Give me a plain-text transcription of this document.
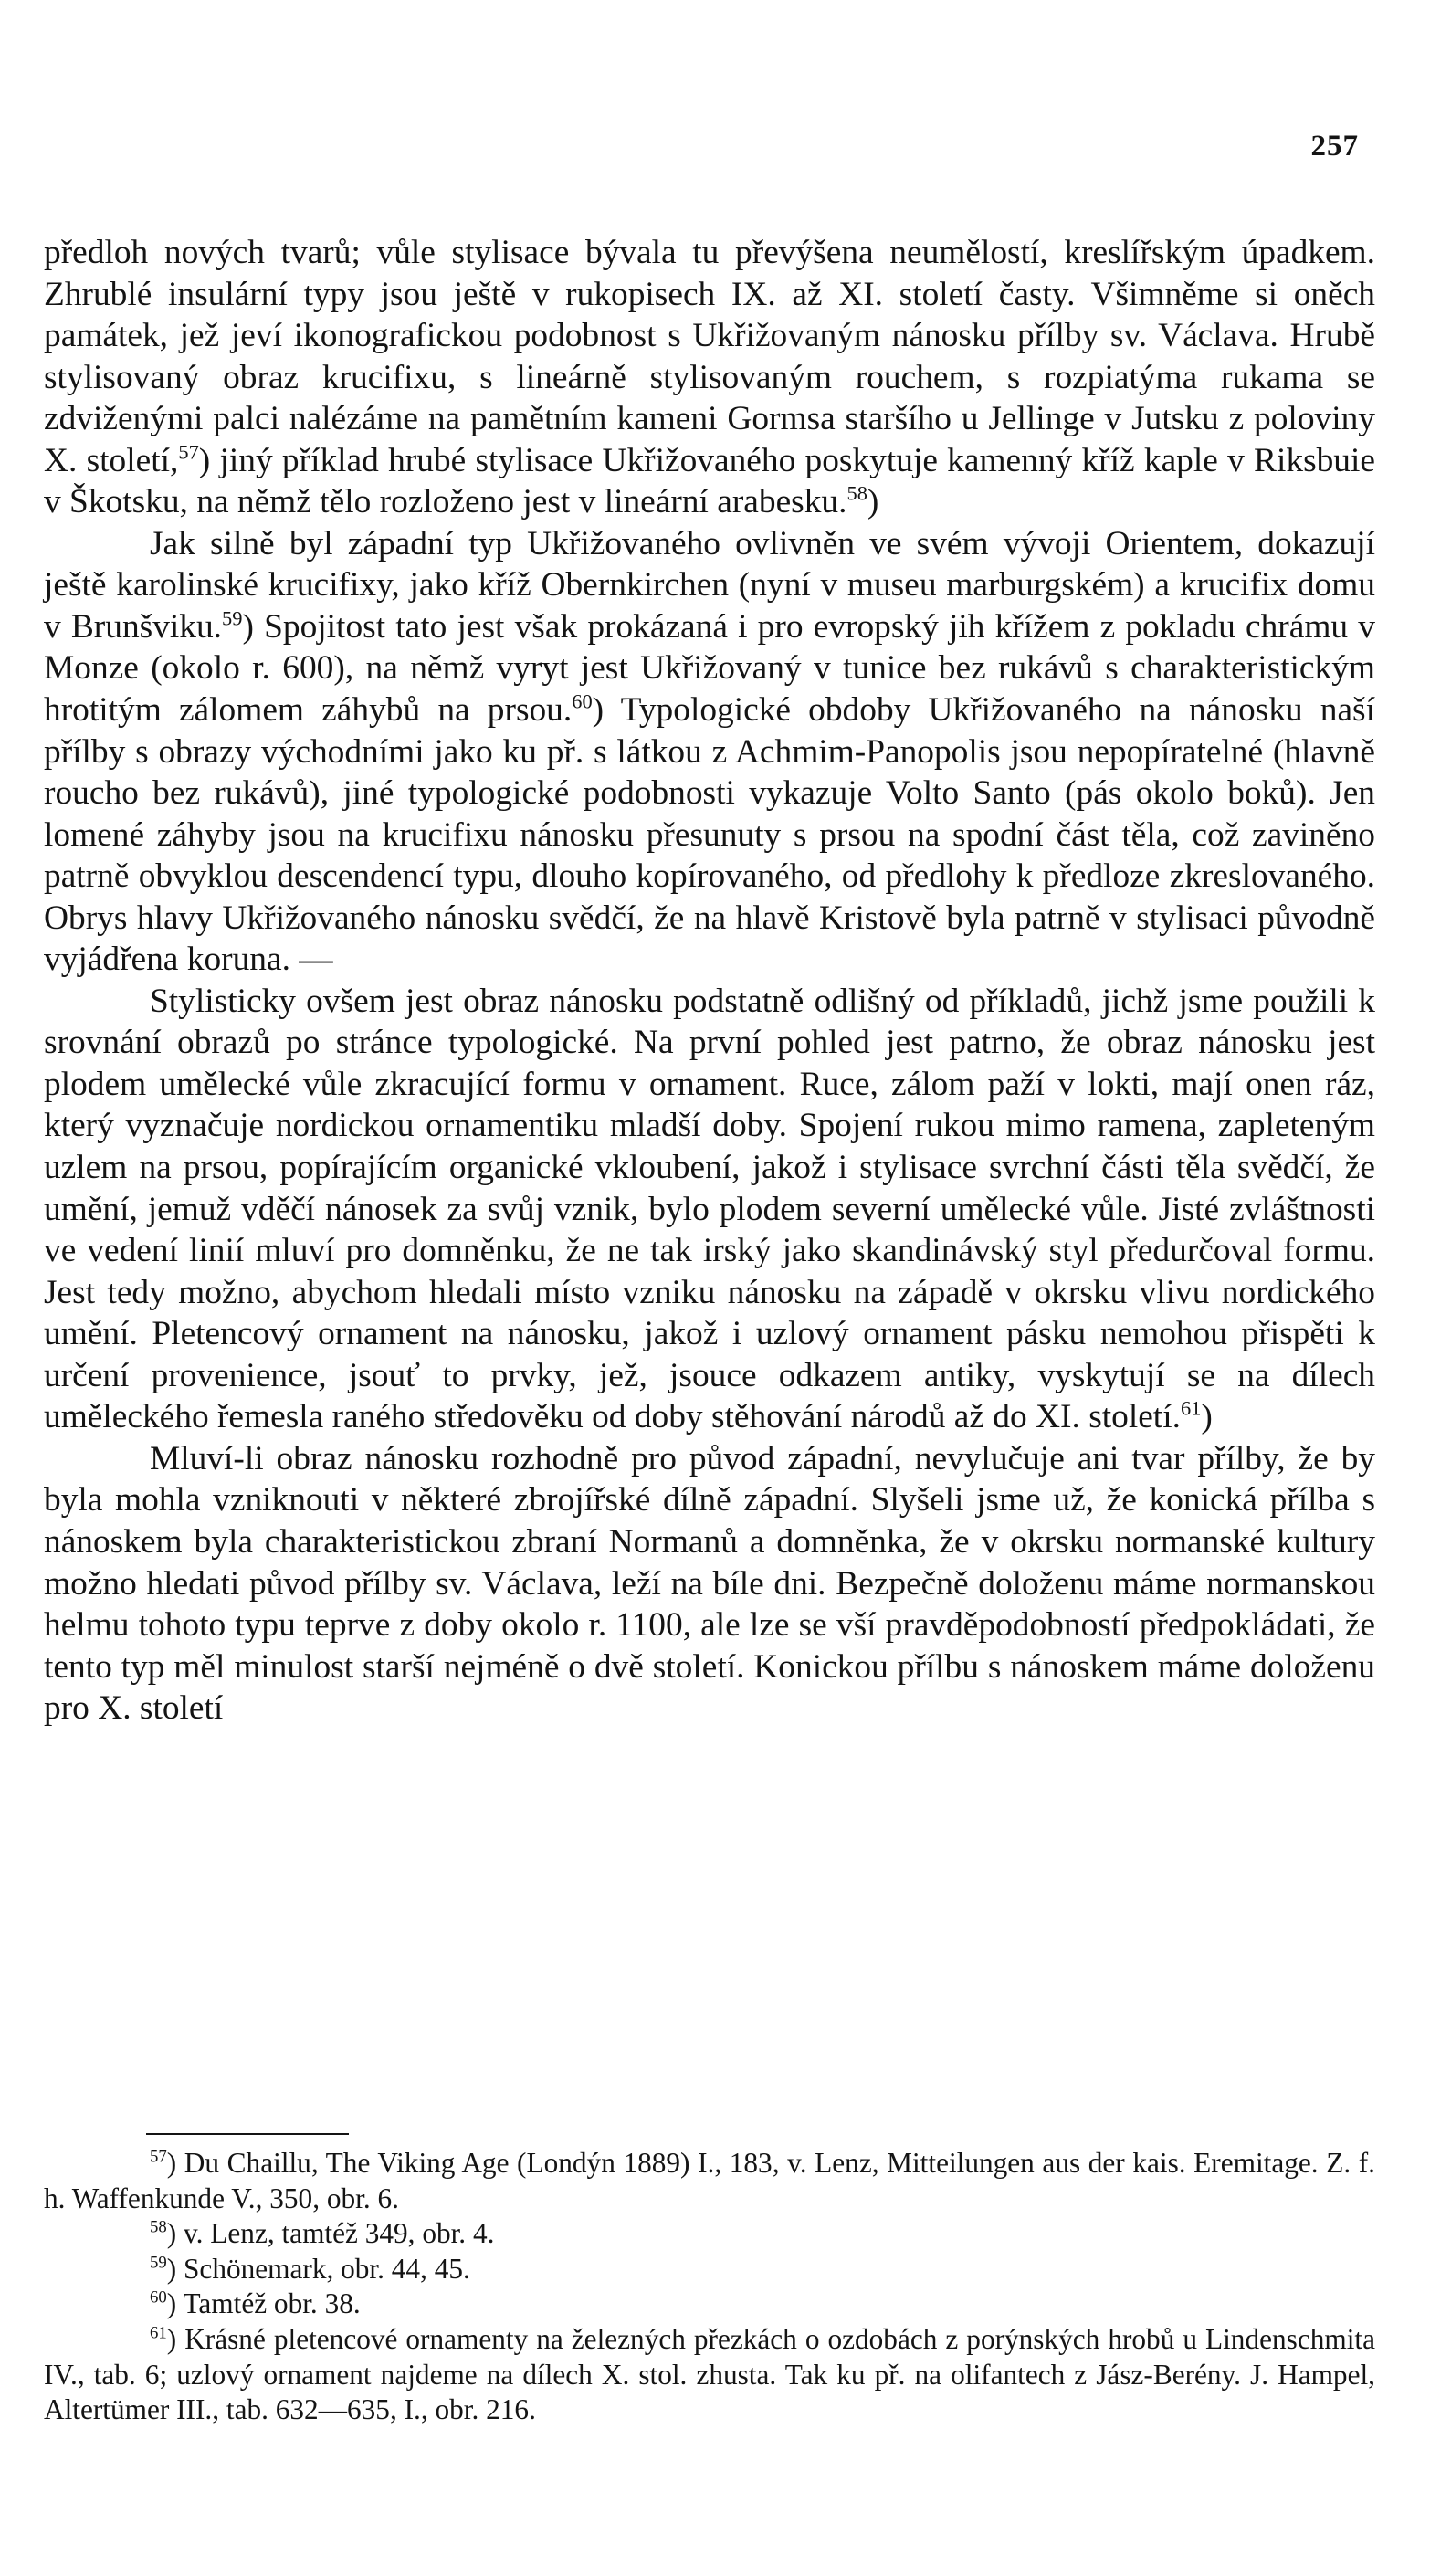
257

předloh nových tvarů; vůle stylisace bývala tu převýšena neumělostí, kreslířským úpadkem. Zhrublé insulární typy jsou ještě v rukopisech IX. až XI. století časty. Všimněme si oněch památek, jež jeví ikonografickou podobnost s Ukřižovaným nánosku přílby sv. Václava. Hrubě stylisovaný obraz krucifixu, s lineárně stylisovaným rouchem, s rozpiatýma rukama se zdviženými palci nalézáme na pamětním kameni Gormsa staršího u Jellinge v Jutsku z poloviny X. století,$^{57}$) jiný příklad hrubé stylisace Ukřižovaného poskytuje kamenný kříž kaple v Riksbuie v Škotsku, na němž tělo rozloženo jest v lineární arabesku.$^{58}$)

Jak silně byl západní typ Ukřižovaného ovlivněn ve svém vývoji Orientem, dokazují ještě karolinské krucifixy, jako kříž Obernkirchen (nyní v museu marburgském) a krucifix domu v Brunšviku.$^{59}$) Spojitost tato jest však prokázaná i pro evropský jih křížem z pokladu chrámu v Monze (okolo r. 600), na němž vyryt jest Ukřižovaný v tunice bez rukávů s charakteristickým hrotitým zálomem záhybů na prsou.$^{60}$) Typologické obdoby Ukřižovaného na nánosku naší přílby s obrazy východními jako ku př. s látkou z Achmim-Panopolis jsou nepopíratelné (hlavně roucho bez rukávů), jiné typologické podobnosti vykazuje Volto Santo (pás okolo boků). Jen lomené záhyby jsou na krucifixu nánosku přesunuty s prsou na spodní část těla, což zaviněno patrně obvyklou descendencí typu, dlouho kopírovaného, od předlohy k předloze zkreslovaného. Obrys hlavy Ukřižovaného nánosku svědčí, že na hlavě Kristově byla patrně v stylisaci původně vyjádřena koruna. —

Stylisticky ovšem jest obraz nánosku podstatně odlišný od příkladů, jichž jsme použili k srovnání obrazů po stránce typologické. Na první pohled jest patrno, že obraz nánosku jest plodem umělecké vůle zkracující formu v ornament. Ruce, zálom paží v lokti, mají onen ráz, který vyznačuje nordickou ornamentiku mladší doby. Spojení rukou mimo ramena, zapleteným uzlem na prsou, popírajícím organické vkloubení, jakož i stylisace svrchní části těla svědčí, že umění, jemuž vděčí nánosek za svůj vznik, bylo plodem severní umělecké vůle. Jisté zvláštnosti ve vedení linií mluví pro domněnku, že ne tak irský jako skandinávský styl předurčoval formu. Jest tedy možno, abychom hledali místo vzniku nánosku na západě v okrsku vlivu nordického umění. Pletencový ornament na nánosku, jakož i uzlový ornament pásku nemohou přispěti k určení provenience, jsouť to prvky, jež, jsouce odkazem antiky, vyskytují se na dílech uměleckého řemesla raného středověku od doby stěhování národů až do XI. století.$^{61}$)

Mluví-li obraz nánosku rozhodně pro původ západní, nevylučuje ani tvar přílby, že by byla mohla vzniknouti v některé zbrojířské dílně západní. Slyšeli jsme už, že konická přílba s nánoskem byla charakteristickou zbraní Normanů a domněnka, že v okrsku normanské kultury možno hledati původ přílby sv. Václava, leží na bíle dni. Bezpečně doloženu máme normanskou helmu tohoto typu teprve z doby okolo r. 1100, ale lze se vší pravděpodobností předpokládati, že tento typ měl minulost starší nejméně o dvě století. Konickou přílbu s nánoskem máme doloženu pro X. století

$^{57}$) Du Chaillu, The Viking Age (Londýn 1889) I., 183, v. Lenz, Mitteilungen aus der kais. Eremitage. Z. f. h. Waffenkunde V., 350, obr. 6.

$^{58}$) v. Lenz, tamtéž 349, obr. 4.

$^{59}$) Schönemark, obr. 44, 45.

$^{60}$) Tamtéž obr. 38.

$^{61}$) Krásné pletencové ornamenty na železných přezkách o ozdobách z porýnských hrobů u Lindenschmita IV., tab. 6; uzlový ornament najdeme na dílech X. stol. zhusta. Tak ku př. na olifantech z Jász-Berény. J. Hampel, Altertümer III., tab. 632—635, I., obr. 216.
